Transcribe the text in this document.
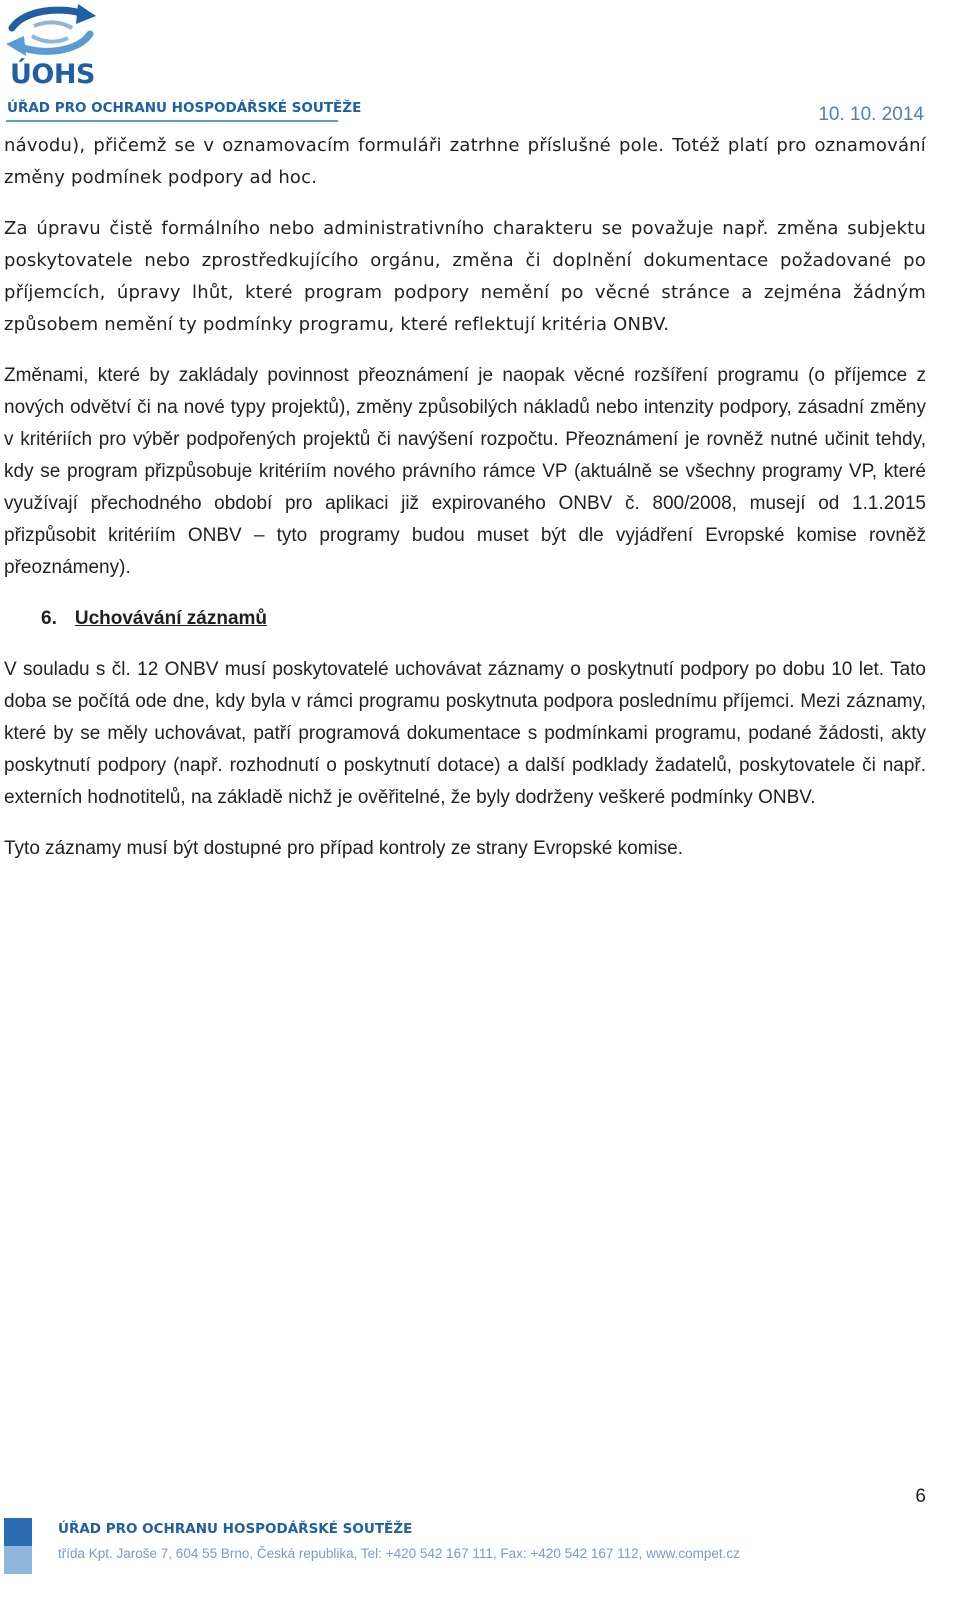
ÚOHS
ÚŘAD PRO OCHRANU HOSPODÁŘSKÉ SOUTĚŽE	10. 10. 2014

návodu), přičemž se v oznamovacím formuláři zatrhne příslušné pole. Totéž platí pro oznamování změny podmínek podpory ad hoc.

Za úpravu čistě formálního nebo administrativního charakteru se považuje např. změna subjektu poskytovatele nebo zprostředkujícího orgánu, změna či doplnění dokumentace požadované po příjemcích, úpravy lhůt, které program podpory nemění po věcné stránce a zejména žádným způsobem nemění ty podmínky programu, které reflektují kritéria ONBV.

Změnami, které by zakládaly povinnost přeoznámení je naopak věcné rozšíření programu (o příjemce z nových odvětví či na nové typy projektů), změny způsobilých nákladů nebo intenzity podpory, zásadní změny v kritériích pro výběr podpořených projektů či navýšení rozpočtu. Přeoznámení je rovněž nutné učinit tehdy, kdy se program přizpůsobuje kritériím nového právního rámce VP (aktuálně se všechny programy VP, které využívají přechodného období pro aplikaci již expirovaného ONBV č. 800/2008, musejí od 1.1.2015 přizpůsobit kritériím ONBV – tyto programy budou muset být dle vyjádření Evropské komise rovněž přeoznámeny).

6. Uchovávání záznamů

V souladu s čl. 12 ONBV musí poskytovatelé uchovávat záznamy o poskytnutí podpory po dobu 10 let. Tato doba se počítá ode dne, kdy byla v rámci programu poskytnuta podpora poslednímu příjemci. Mezi záznamy, které by se měly uchovávat, patří programová dokumentace s podmínkami programu, podané žádosti, akty poskytnutí podpory (např. rozhodnutí o poskytnutí dotace) a další podklady žadatelů, poskytovatele či např. externích hodnotitelů, na základě nichž je ověřitelné, že byly dodrženy veškeré podmínky ONBV.

Tyto záznamy musí být dostupné pro případ kontroly ze strany Evropské komise.

6
ÚŘAD PRO OCHRANU HOSPODÁŘSKÉ SOUTĚŽE
třída Kpt. Jaroše 7, 604 55 Brno, Česká republika, Tel: +420 542 167 111, Fax: +420 542 167 112, www.compet.cz
